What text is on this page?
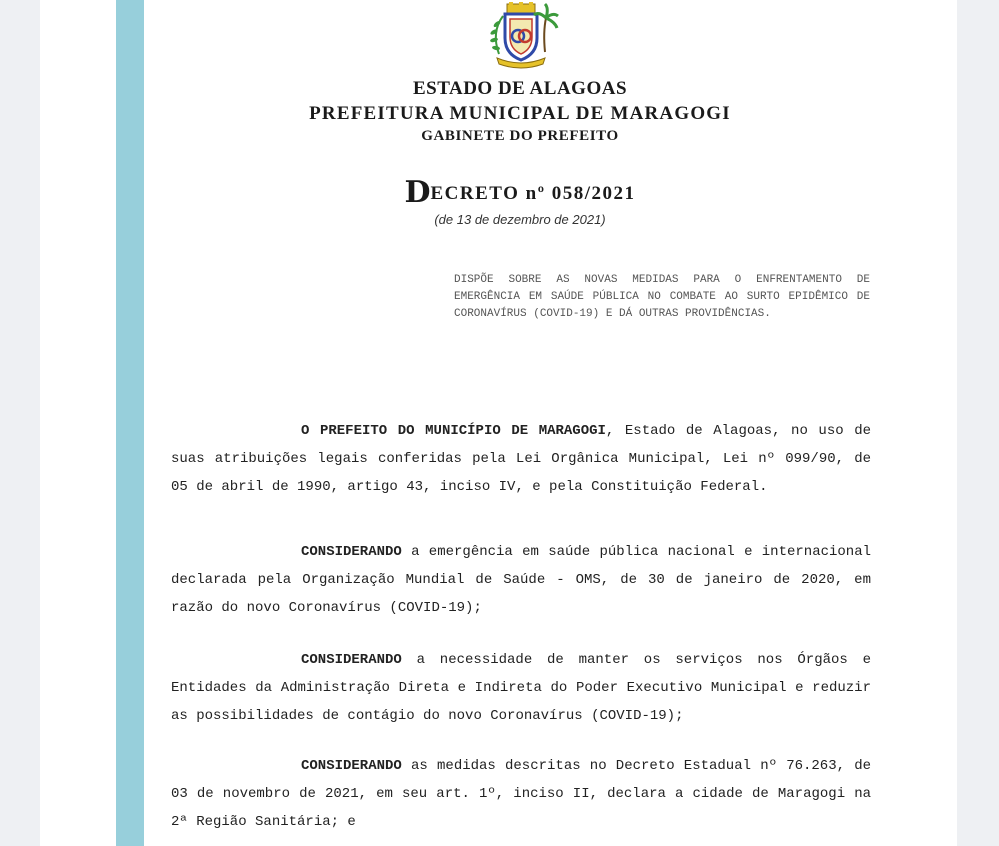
ESTADO DE ALAGOAS
PREFEITURA MUNICIPAL DE MARAGOGI
GABINETE DO PREFEITO
DECRETO nº 058/2021
(de 13 de dezembro de 2021)
DISPÕE SOBRE AS NOVAS MEDIDAS PARA O ENFRENTAMENTO DE EMERGÊNCIA EM SAÚDE PÚBLICA NO COMBATE AO SURTO EPIDÊMICO DE CORONAVÍRUS (COVID-19) E DÁ OUTRAS PROVIDÊNCIAS.
O PREFEITO DO MUNICÍPIO DE MARAGOGI, Estado de Alagoas, no uso de suas atribuições legais conferidas pela Lei Orgânica Municipal, Lei nº 099/90, de 05 de abril de 1990, artigo 43, inciso IV, e pela Constituição Federal.
CONSIDERANDO a emergência em saúde pública nacional e internacional declarada pela Organização Mundial de Saúde - OMS, de 30 de janeiro de 2020, em razão do novo Coronavírus (COVID-19);
CONSIDERANDO a necessidade de manter os serviços nos Órgãos e Entidades da Administração Direta e Indireta do Poder Executivo Municipal e reduzir as possibilidades de contágio do novo Coronavírus (COVID-19);
CONSIDERANDO as medidas descritas no Decreto Estadual nº 76.263, de 03 de novembro de 2021, em seu art. 1º, inciso II, declara a cidade de Maragogi na 2ª Região Sanitária; e
